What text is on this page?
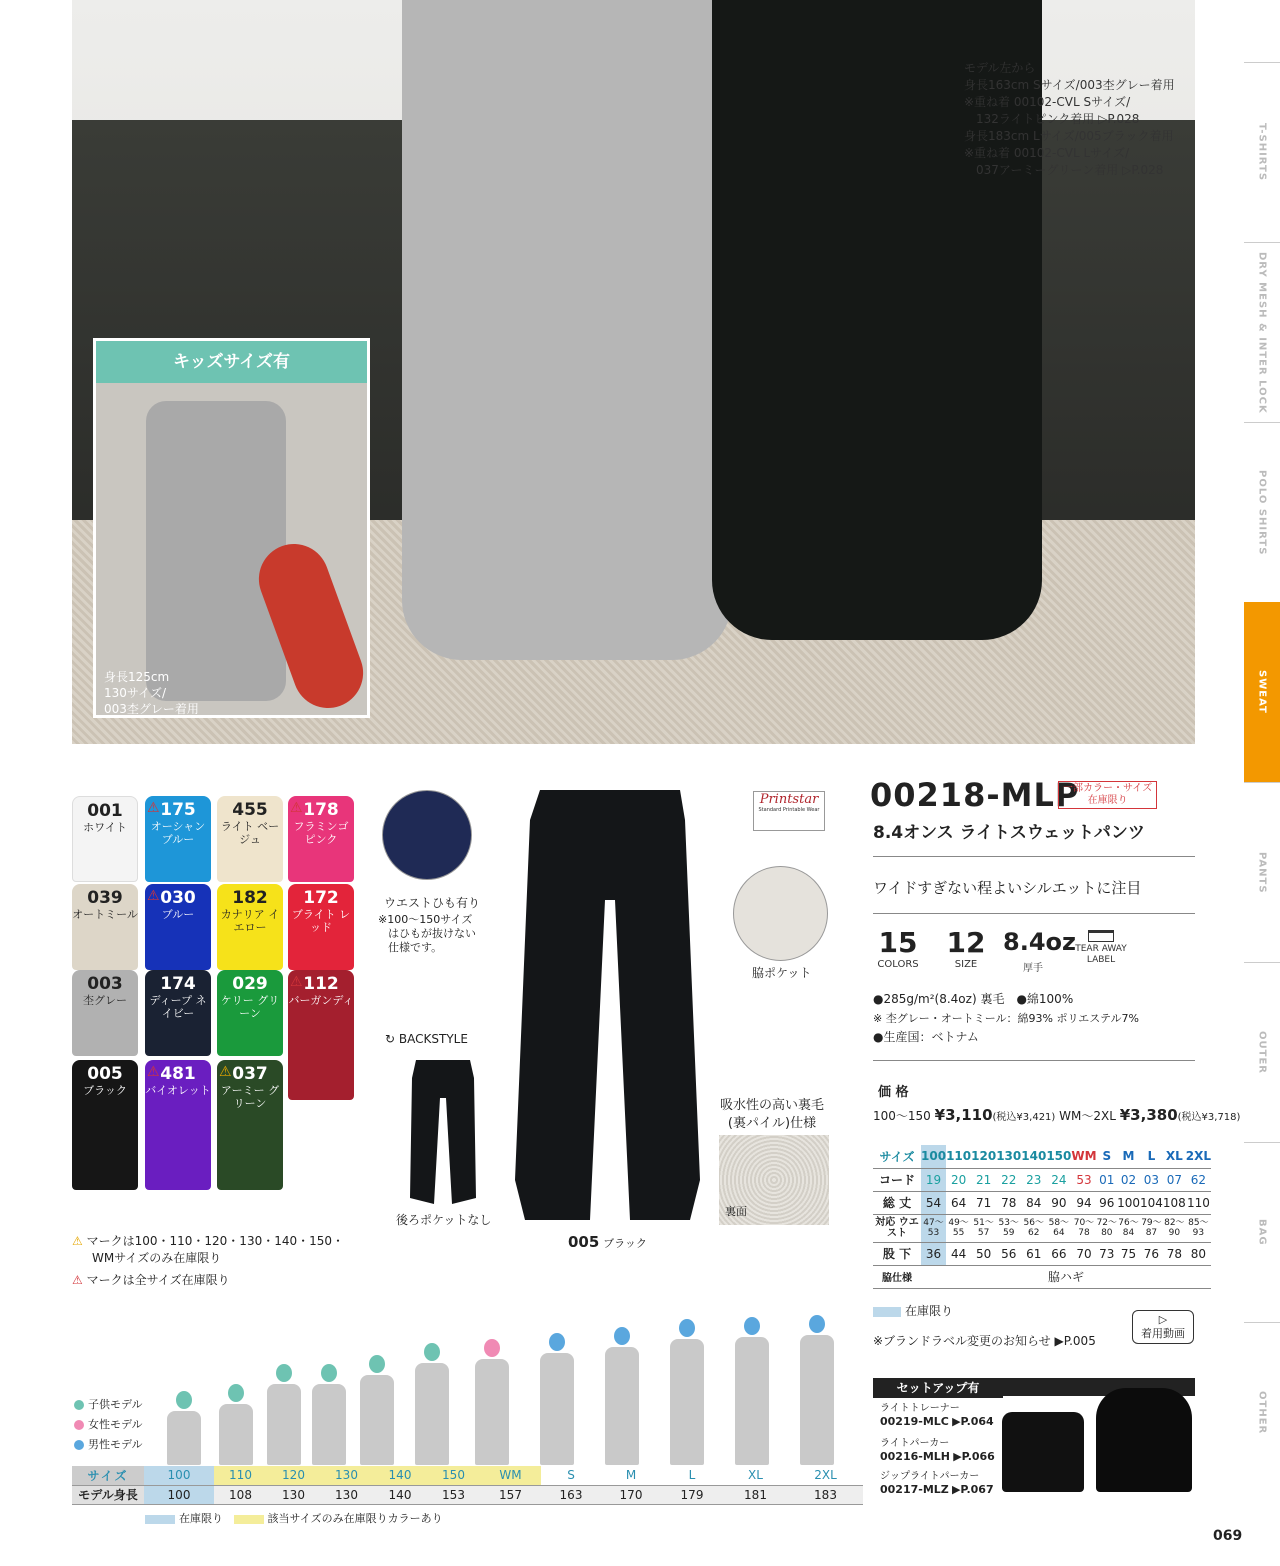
モデル左から
身長163cm Sサイズ/003杢グレー着用
※重ね着 00102-CVL Sサイズ/
　132ライトピンク着用 ▷P.028
身長183cm Lサイズ/005ブラック着用
※重ね着 00102-CVL Lサイズ/
　037アーミーグリーン着用 ▷P.028
キッズサイズ有
身長125cm
130サイズ/
003杢グレー着用
T-SHIRTS
DRY MESH & INTER LOCK
POLO SHIRTS
SWEAT
PANTS
OUTER
BAG
OTHER
001
ホワイト
175
オーシャン ブルー
⚠	455
ライト ベージュ
178
フラミンゴ ピンク
⚠
039
オートミール
030
ブルー
⚠	182
カナリア イエロー
172
ブライト レッド
003
杢グレー
174
ディープ ネイビー
029
ケリー グリーン
112
バーガンディ
⚠
005
ブラック
481
バイオレット
⚠	037
アーミー グリーン
⚠
⚠ マークは100・110・120・130・140・150・
WMサイズのみ在庫限り
⚠ マークは全サイズ在庫限り
ウエストひも有り
※100～150サイズ
はひもが抜けない
仕様です。
005 ブラック
脇ポケット
Printstar
Standard Printable Wear
↻ BACKSTYLE
後ろポケットなし
吸水性の高い裏毛
(裏パイル)仕様
裏面
00218-MLP
一部カラー・サイズ
在庫限り
8.4オンス ライトスウェットパンツ
ワイドすぎない程よいシルエットに注目
15
COLORS
12
SIZE
8.4oz
厚手
TEAR AWAY
LABEL
●285g/m²(8.4oz) 裏毛　●綿100%
※ 杢グレー・オートミール：綿93% ポリエステル7%
●生産国：ベトナム
価 格
100～150 ¥3,110(税込¥3,421) WM～2XL ¥3,380(税込¥3,718)
サイズ	100	110	120	130	140	150	WM	S	M	L	XL	2XL
コード	19	20	21	22	23	24	53	01	02	03	07	62
総 丈	54	64	71	78	84	90	94	96	100	104	108	110
対応 ウエスト	47〜53	49〜55	51〜57	53〜59	56〜62	58〜64	70〜78	72〜80	76〜84	79〜87	82〜90	85〜93
股 下	36	44	50	56	61	66	70	73	75	76	78	80
脇仕様	脇ハギ											
在庫限り
※ブランドラベル変更のお知らせ ▶P.005
▷
着用動画
セットアップ有
ライトトレーナー
00219-MLC ▶P.064
ライトパーカー
00216-MLH ▶P.066
ジップライトパーカー
00217-MLZ ▶P.067
子供モデル
女性モデル
男性モデル
サイズ	100	110	120	130	140	150	WM	S	M	L	XL	2XL
モデル身長	100	108	130	130	140	153	157	163	170	179	181	183
在庫限り	該当サイズのみ在庫限りカラーあり
069
